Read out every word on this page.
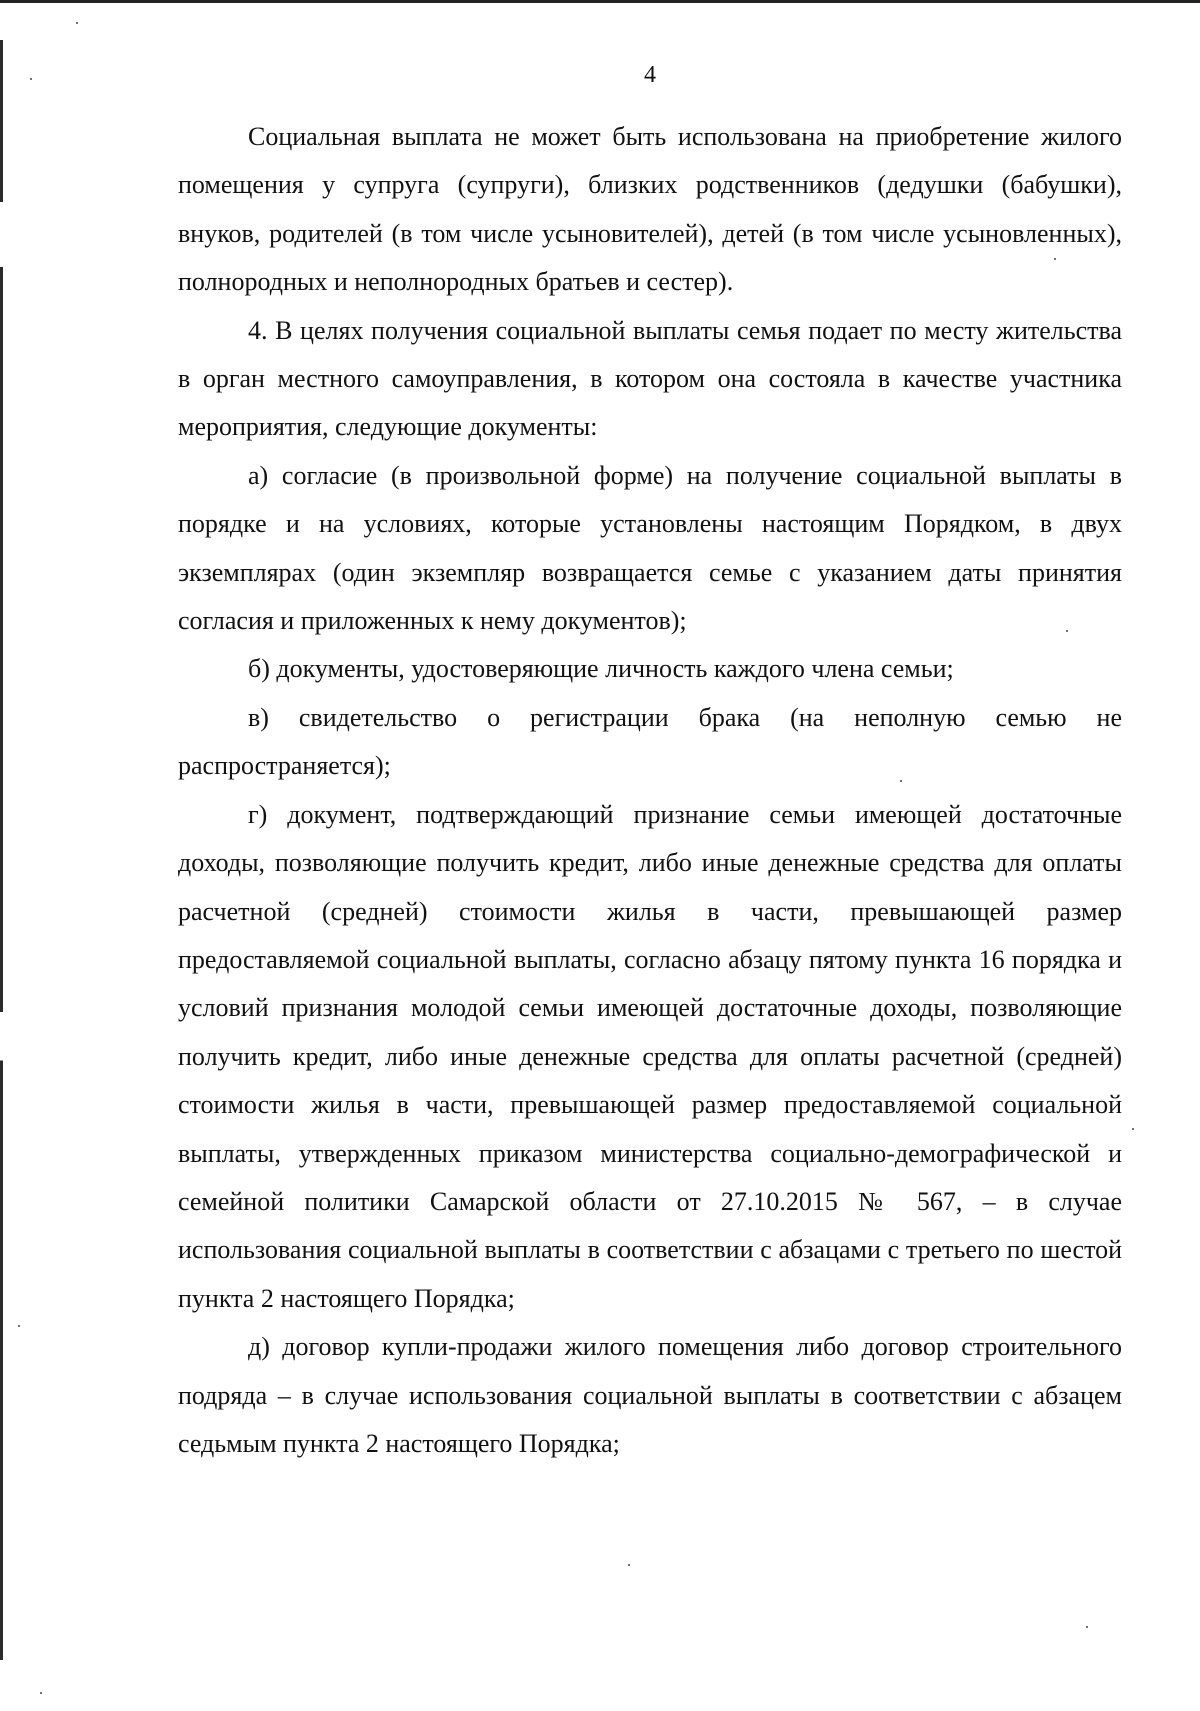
4

Социальная выплата не может быть использована на приобретение жилого помещения у супруга (супруги), близких родственников (дедушки (бабушки), внуков, родителей (в том числе усыновителей), детей (в том числе усыновленных), полнородных и неполнородных братьев и сестер).

4. В целях получения социальной выплаты семья подает по месту жительства в орган местного самоуправления, в котором она состояла в качестве участника мероприятия, следующие документы:

а) согласие (в произвольной форме) на получение социальной выплаты в порядке и на условиях, которые установлены настоящим Порядком, в двух экземплярах (один экземпляр возвращается семье с указанием даты принятия согласия и приложенных к нему документов);

б) документы, удостоверяющие личность каждого члена семьи;

в) свидетельство о регистрации брака (на неполную семью не распространяется);

г) документ, подтверждающий признание семьи имеющей достаточные доходы, позволяющие получить кредит, либо иные денежные средства для оплаты расчетной (средней) стоимости жилья в части, превышающей размер предоставляемой социальной выплаты, согласно абзацу пятому пункта 16 порядка и условий признания молодой семьи имеющей достаточные доходы, позволяющие получить кредит, либо иные денежные средства для оплаты расчетной (средней) стоимости жилья в части, превышающей размер предоставляемой социальной выплаты, утвержденных приказом министерства социально-демографической и семейной политики Самарской области от 27.10.2015 № 567, – в случае использования социальной выплаты в соответствии с абзацами с третьего по шестой пункта 2 настоящего Порядка;

д) договор купли-продажи жилого помещения либо договор строительного подряда – в случае использования социальной выплаты в соответствии с абзацем седьмым пункта 2 настоящего Порядка;
